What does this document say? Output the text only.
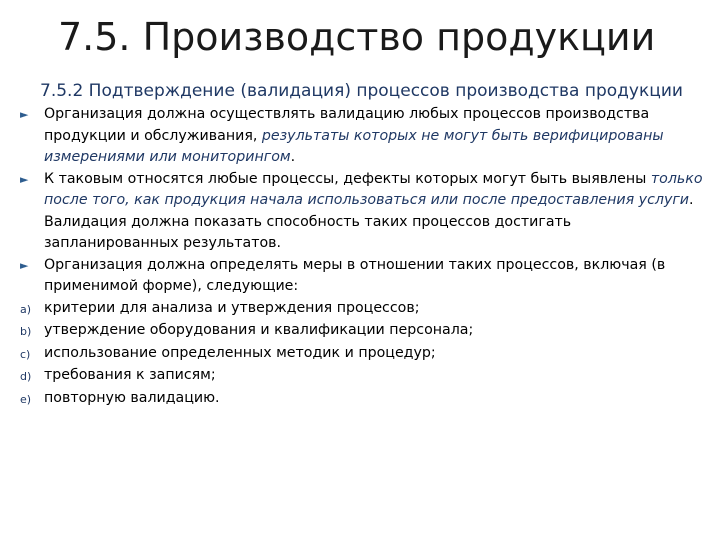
7.5. Производство продукции
7.5.2 Подтверждение (валидация) процессов производства продукции
►	Организация должна осуществлять валидацию любых процессов производства продукции и обслуживания, результаты которых не могут быть верифицированы измерениями или мониторингом.
►	К таковым относятся любые процессы, дефекты которых могут быть выявлены только после того, как продукция начала использоваться или после предоставления услуги. Валидация должна показать способность таких процессов достигать запланированных результатов.
►	Организация должна определять меры в отношении таких процессов, включая (в применимой форме), следующие:
a) критерии для анализа и утверждения процессов;
b) утверждение оборудования и квалификации персонала;
c) использование определенных методик и процедур;
d) требования к записям;
e) повторную валидацию.
